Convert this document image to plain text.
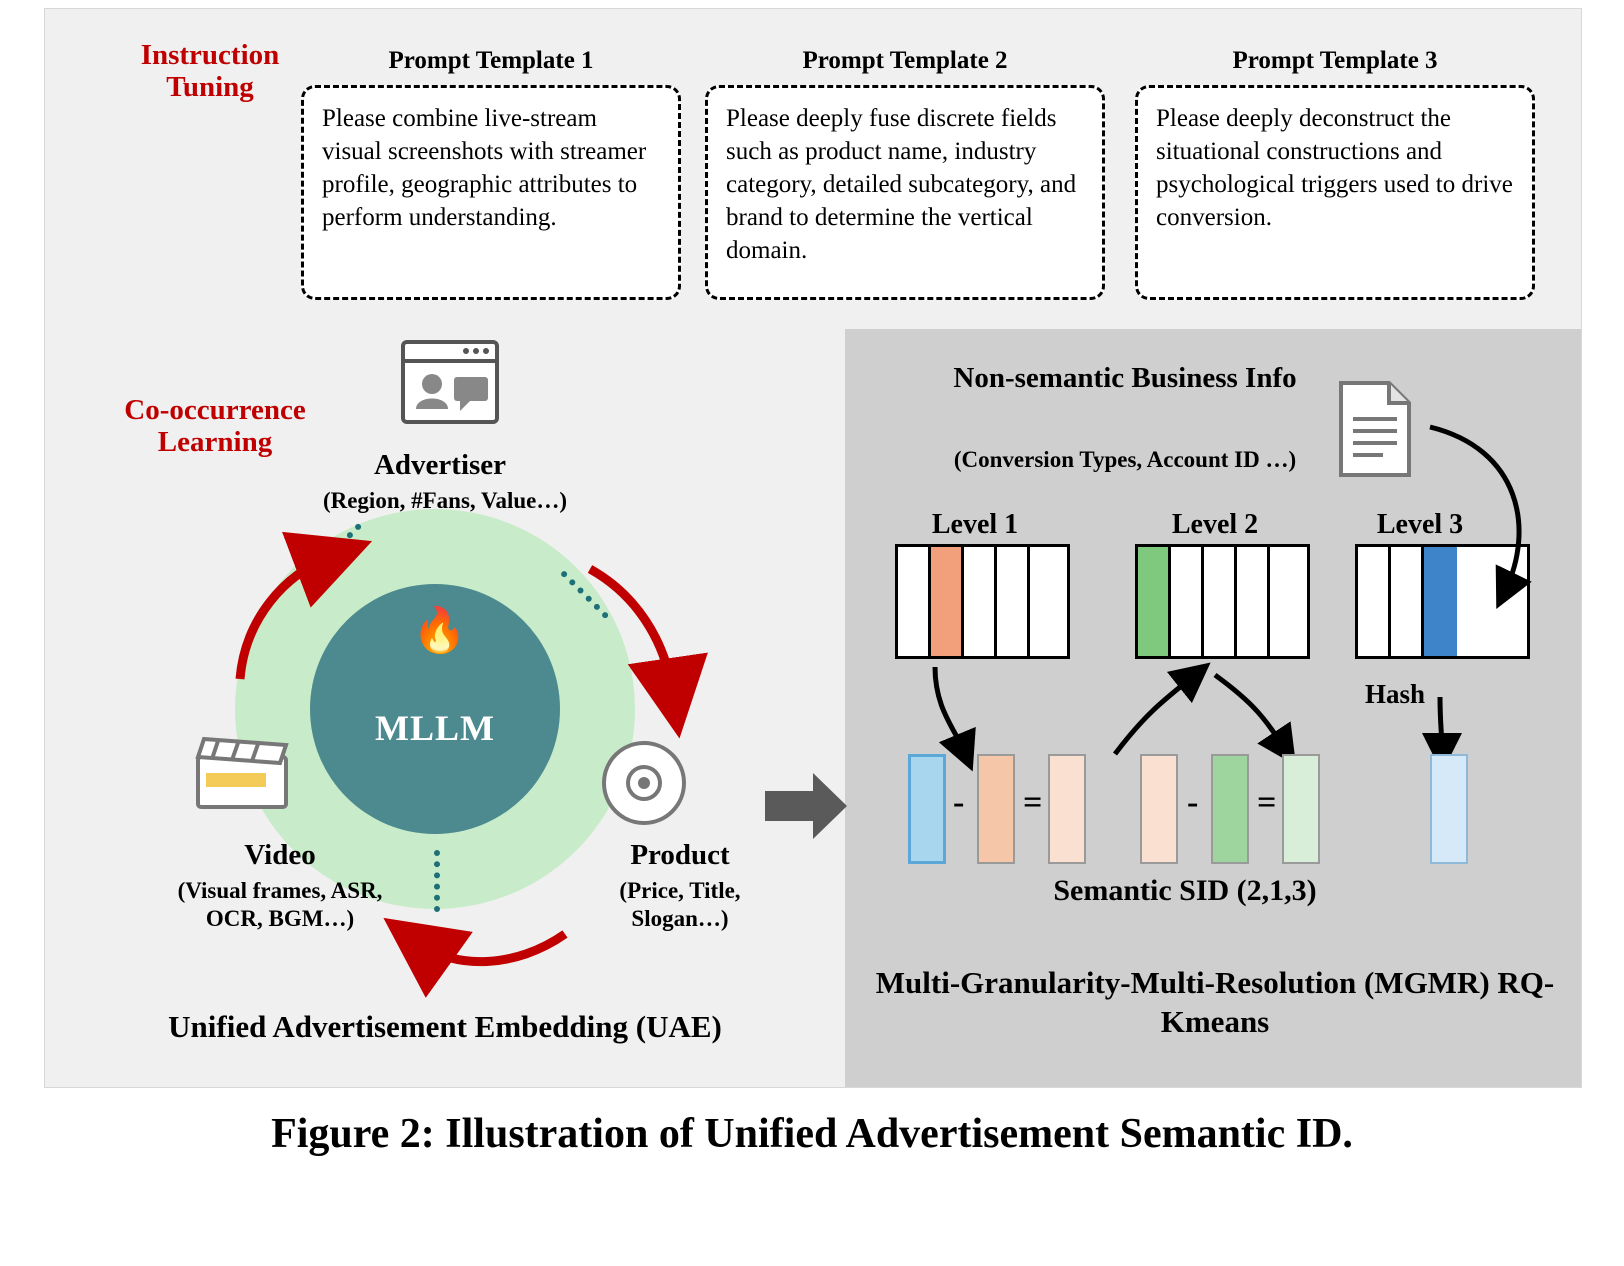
Instruction Tuning
Co-occurrence Learning
Prompt Template 1
Please combine live-stream visual screenshots with streamer profile, geographic attributes to perform understanding.
Prompt Template 2
Please deeply fuse discrete fields such as product name, industry category, detailed subcategory, and brand to determine the vertical domain.
Prompt Template 3
Please deeply deconstruct the situational constructions and psychological triggers used to drive conversion.
MLLM
🔥
Advertiser
(Region, #Fans, Value…)
Video
(Visual frames, ASR, OCR, BGM…)
Product
(Price, Title, Slogan…)
Unified Advertisement Embedding (UAE)
Non-semantic Business Info
(Conversion Types, Account ID …)
Level 1	Level 2	Level 3
- =	- =
Hash
Semantic SID (2,1,3)
Multi-Granularity-Multi-Resolution (MGMR) RQ-Kmeans
Figure 2: Illustration of Unified Advertisement Semantic ID.
